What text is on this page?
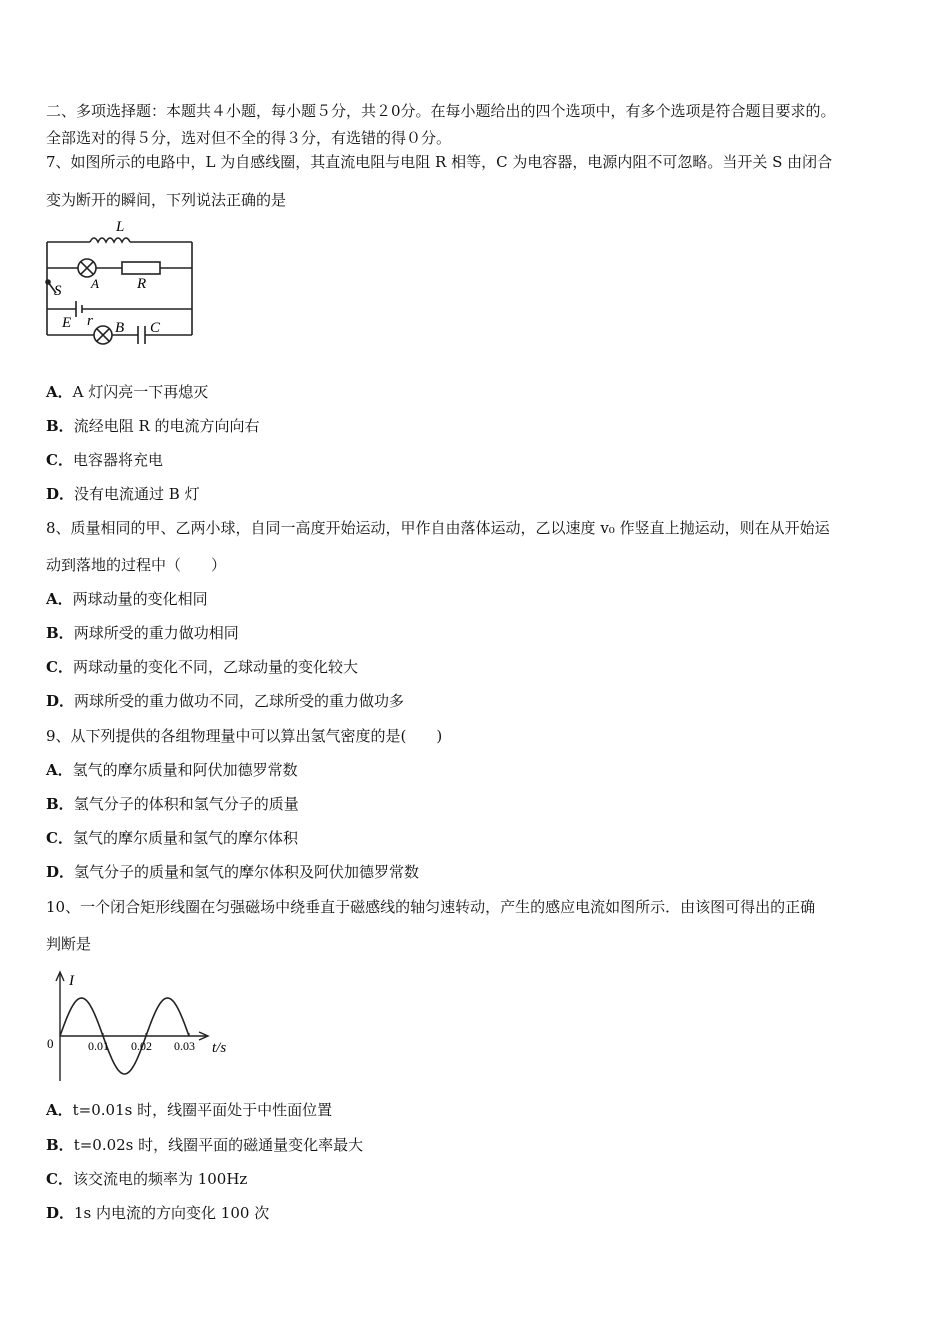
二、多项选择题：本题共４小题，每小题５分，共２0分。在每小题给出的四个选项中，有多个选项是符合题目要求的。
全部选对的得５分，选对但不全的得３分，有选错的得０分。
7、如图所示的电路中，L 为自感线圈，其直流电阻与电阻 R 相等，C 为电容器，电源内阻不可忽略。当开关 S 由闭合
变为断开的瞬间，下列说法正确的是
L
A	R
S
E r B C
A．A 灯闪亮一下再熄灭
B．流经电阻 R 的电流方向向右
C．电容器将充电
D．没有电流通过 B 灯
8、质量相同的甲、乙两小球，自同一高度开始运动，甲作自由落体运动，乙以速度 v₀ 作竖直上抛运动，则在从开始运
动到落地的过程中（　　）
A．两球动量的变化相同
B．两球所受的重力做功相同
C．两球动量的变化不同，乙球动量的变化较大
D．两球所受的重力做功不同，乙球所受的重力做功多
9、从下列提供的各组物理量中可以算出氢气密度的是(　　)
A．氢气的摩尔质量和阿伏加德罗常数
B．氢气分子的体积和氢气分子的质量
C．氢气的摩尔质量和氢气的摩尔体积
D．氢气分子的质量和氢气的摩尔体积及阿伏加德罗常数
10、一个闭合矩形线圈在匀强磁场中绕垂直于磁感线的轴匀速转动，产生的感应电流如图所示．由该图可得出的正确
判断是
I
t/s
0	0.01 0.02 0.03
A．t=0.01s 时，线圈平面处于中性面位置
B．t=0.02s 时，线圈平面的磁通量变化率最大
C．该交流电的频率为 100Hz
D．1s 内电流的方向变化 100 次
